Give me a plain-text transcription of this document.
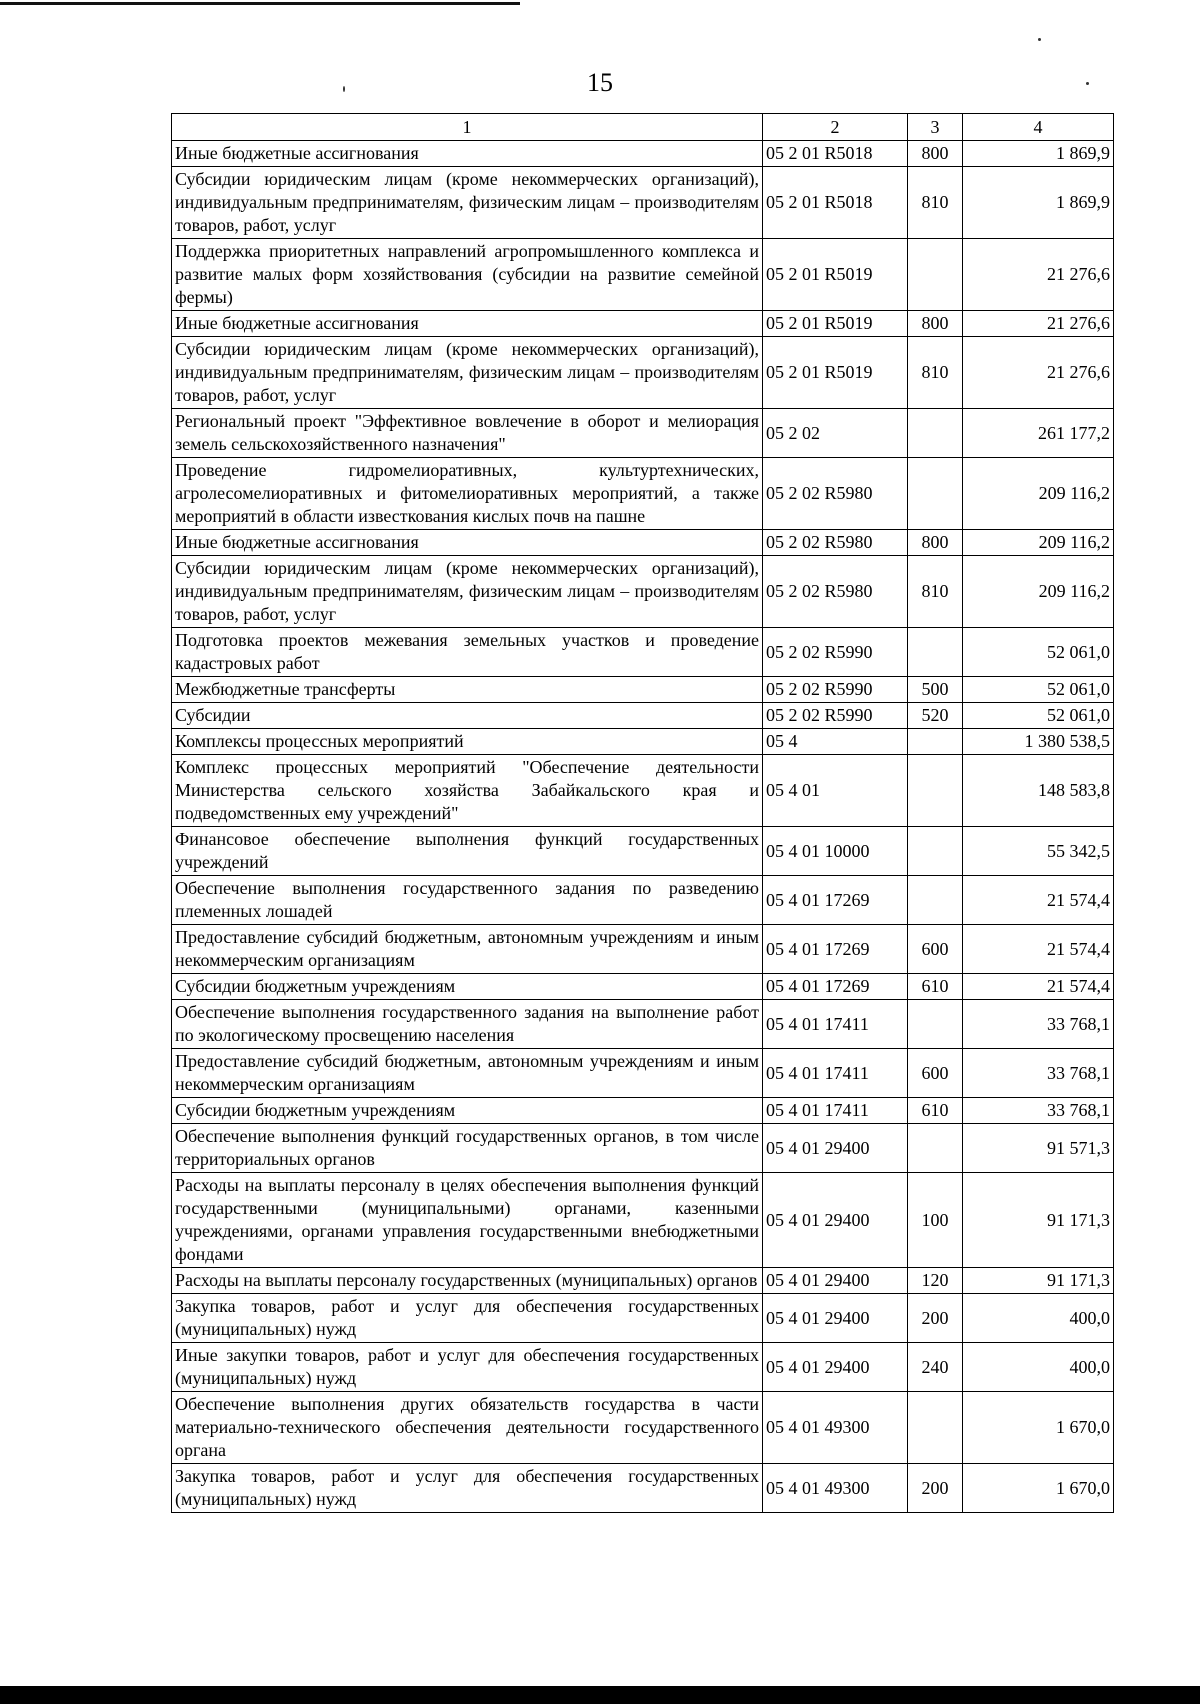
15
1	2	3	4
Иные бюджетные ассигнования	05 2 01 R5018	800	1 869,9
Субсидии юридическим лицам (кроме некоммерческих организаций), индивидуальным предпринимателям, физическим лицам – производителям товаров, работ, услуг	05 2 01 R5018	810	1 869,9
Поддержка приоритетных направлений агропромышленного комплекса и развитие малых форм хозяйствования (субсидии на развитие семейной фермы)	05 2 01 R5019		21 276,6
Иные бюджетные ассигнования	05 2 01 R5019	800	21 276,6
Субсидии юридическим лицам (кроме некоммерческих организаций), индивидуальным предпринимателям, физическим лицам – производителям товаров, работ, услуг	05 2 01 R5019	810	21 276,6
Региональный проект "Эффективное вовлечение в оборот и мелиорация земель сельскохозяйственного назначения"	05 2 02		261 177,2
Проведение гидромелиоративных, культуртехнических, агролесомелиоративных и фитомелиоративных мероприятий, а также мероприятий в области известкования кислых почв на пашне	05 2 02 R5980		209 116,2
Иные бюджетные ассигнования	05 2 02 R5980	800	209 116,2
Субсидии юридическим лицам (кроме некоммерческих организаций), индивидуальным предпринимателям, физическим лицам – производителям товаров, работ, услуг	05 2 02 R5980	810	209 116,2
Подготовка проектов межевания земельных участков и проведение кадастровых работ	05 2 02 R5990		52 061,0
Межбюджетные трансферты	05 2 02 R5990	500	52 061,0
Субсидии	05 2 02 R5990	520	52 061,0
Комплексы процессных мероприятий	05 4		1 380 538,5
Комплекс процессных мероприятий "Обеспечение деятельности Министерства сельского хозяйства Забайкальского края и подведомственных ему учреждений"	05 4 01		148 583,8
Финансовое обеспечение выполнения функций государственных учреждений	05 4 01 10000		55 342,5
Обеспечение выполнения государственного задания по разведению племенных лошадей	05 4 01 17269		21 574,4
Предоставление субсидий бюджетным, автономным учреждениям и иным некоммерческим организациям	05 4 01 17269	600	21 574,4
Субсидии бюджетным учреждениям	05 4 01 17269	610	21 574,4
Обеспечение выполнения государственного задания на выполнение работ по экологическому просвещению населения	05 4 01 17411		33 768,1
Предоставление субсидий бюджетным, автономным учреждениям и иным некоммерческим организациям	05 4 01 17411	600	33 768,1
Субсидии бюджетным учреждениям	05 4 01 17411	610	33 768,1
Обеспечение выполнения функций государственных органов, в том числе территориальных органов	05 4 01 29400		91 571,3
Расходы на выплаты персоналу в целях обеспечения выполнения функций государственными (муниципальными) органами, казенными учреждениями, органами управления государственными внебюджетными фондами	05 4 01 29400	100	91 171,3
Расходы на выплаты персоналу государственных (муниципальных) органов	05 4 01 29400	120	91 171,3
Закупка товаров, работ и услуг для обеспечения государственных (муниципальных) нужд	05 4 01 29400	200	400,0
Иные закупки товаров, работ и услуг для обеспечения государственных (муниципальных) нужд	05 4 01 29400	240	400,0
Обеспечение выполнения других обязательств государства в части материально-технического обеспечения деятельности государственного органа	05 4 01 49300		1 670,0
Закупка товаров, работ и услуг для обеспечения государственных (муниципальных) нужд	05 4 01 49300	200	1 670,0
